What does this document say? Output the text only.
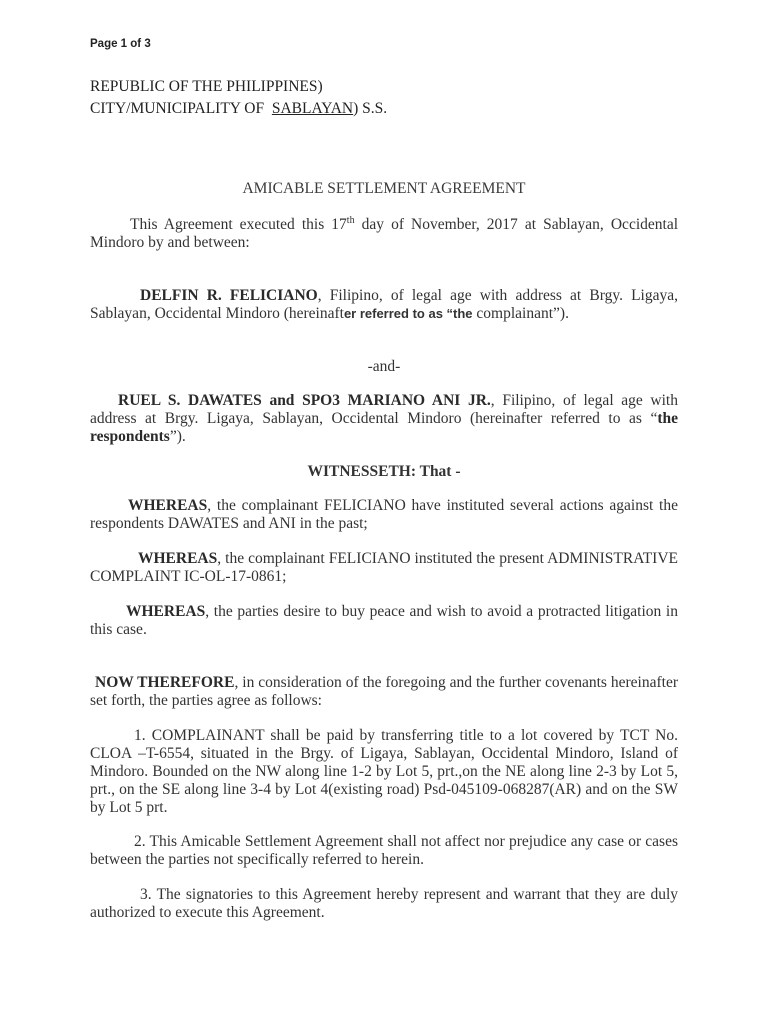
Page 1 of 3
REPUBLIC OF THE PHILIPPINES)
CITY/MUNICIPALITY OF  SABLAYAN) S.S.
AMICABLE SETTLEMENT AGREEMENT
This Agreement executed this 17th day of November, 2017 at Sablayan, Occidental Mindoro by and between:
DELFIN R. FELICIANO, Filipino, of legal age with address at Brgy. Ligaya, Sablayan, Occidental Mindoro (hereinafter referred to as “the complainant”).
-and-
RUEL S. DAWATES and SPO3 MARIANO ANI JR., Filipino, of legal age with address at Brgy. Ligaya, Sablayan, Occidental Mindoro (hereinafter referred to as “the respondents”).
WITNESSETH: That -
WHEREAS, the complainant FELICIANO have instituted several actions against the respondents DAWATES and ANI in the past;
WHEREAS, the complainant FELICIANO instituted the present ADMINISTRATIVE COMPLAINT IC-OL-17-0861;
WHEREAS, the parties desire to buy peace and wish to avoid a protracted litigation in this case.
NOW THEREFORE, in consideration of the foregoing and the further covenants hereinafter set forth, the parties agree as follows:
1. COMPLAINANT shall be paid by transferring title to a lot covered by TCT No. CLOA –T-6554, situated in the Brgy. of Ligaya, Sablayan, Occidental Mindoro, Island of Mindoro. Bounded on the NW along line 1-2 by Lot 5, prt.,on the NE along line 2-3 by Lot 5, prt., on the SE along line 3-4 by Lot 4(existing road) Psd-045109-068287(AR) and on the SW by Lot 5 prt.
2. This Amicable Settlement Agreement shall not affect nor prejudice any case or cases between the parties not specifically referred to herein.
3. The signatories to this Agreement hereby represent and warrant that they are duly authorized to execute this Agreement.
